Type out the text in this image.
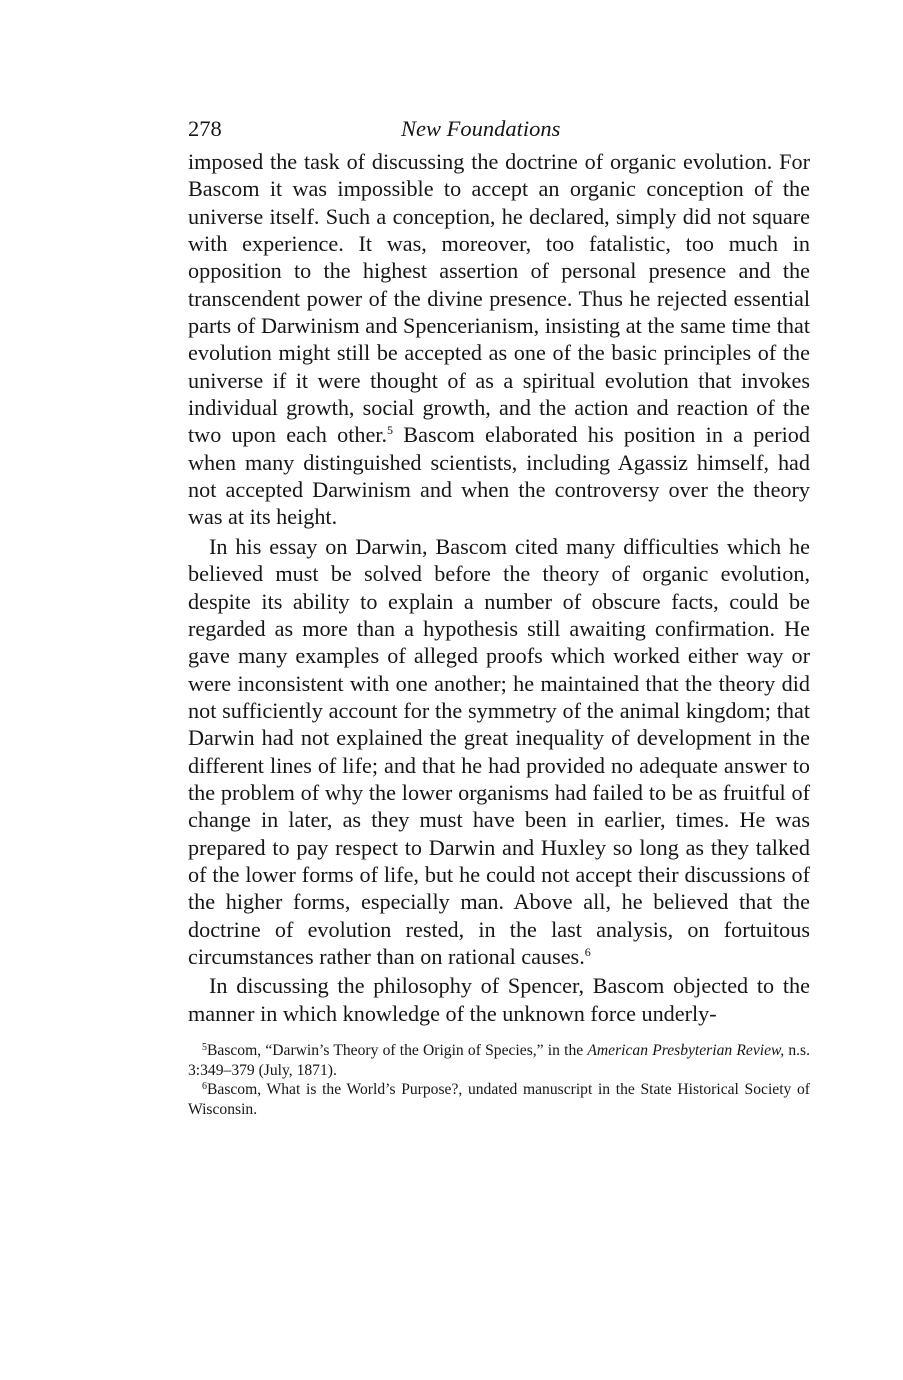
278	New Foundations

imposed the task of discussing the doctrine of organic evolution. For Bascom it was impossible to accept an organic conception of the universe itself. Such a conception, he declared, simply did not square with experience. It was, moreover, too fatalistic, too much in opposition to the highest assertion of personal presence and the transcendent power of the divine presence. Thus he rejected essential parts of Darwinism and Spencerianism, insisting at the same time that evolution might still be accepted as one of the basic principles of the universe if it were thought of as a spiritual evolution that invokes individual growth, social growth, and the action and reaction of the two upon each other.$^5$ Bascom elaborated his position in a period when many distinguished scientists, including Agassiz himself, had not accepted Darwinism and when the controversy over the theory was at its height.

In his essay on Darwin, Bascom cited many difficulties which he believed must be solved before the theory of organic evolution, despite its ability to explain a number of obscure facts, could be regarded as more than a hypothesis still awaiting confirmation. He gave many examples of alleged proofs which worked either way or were inconsistent with one another; he maintained that the theory did not sufficiently account for the symmetry of the animal kingdom; that Darwin had not explained the great inequality of development in the different lines of life; and that he had provided no adequate answer to the problem of why the lower organisms had failed to be as fruitful of change in later, as they must have been in earlier, times. He was prepared to pay respect to Darwin and Huxley so long as they talked of the lower forms of life, but he could not accept their discussions of the higher forms, especially man. Above all, he believed that the doctrine of evolution rested, in the last analysis, on fortuitous circumstances rather than on rational causes.$^6$

In discussing the philosophy of Spencer, Bascom objected to the manner in which knowledge of the unknown force underly-

$^5$Bascom, “Darwin’s Theory of the Origin of Species,” in the American Presbyterian Review, n.s. 3:349–379 (July, 1871).

$^6$Bascom, What is the World’s Purpose?, undated manuscript in the State Historical Society of Wisconsin.
